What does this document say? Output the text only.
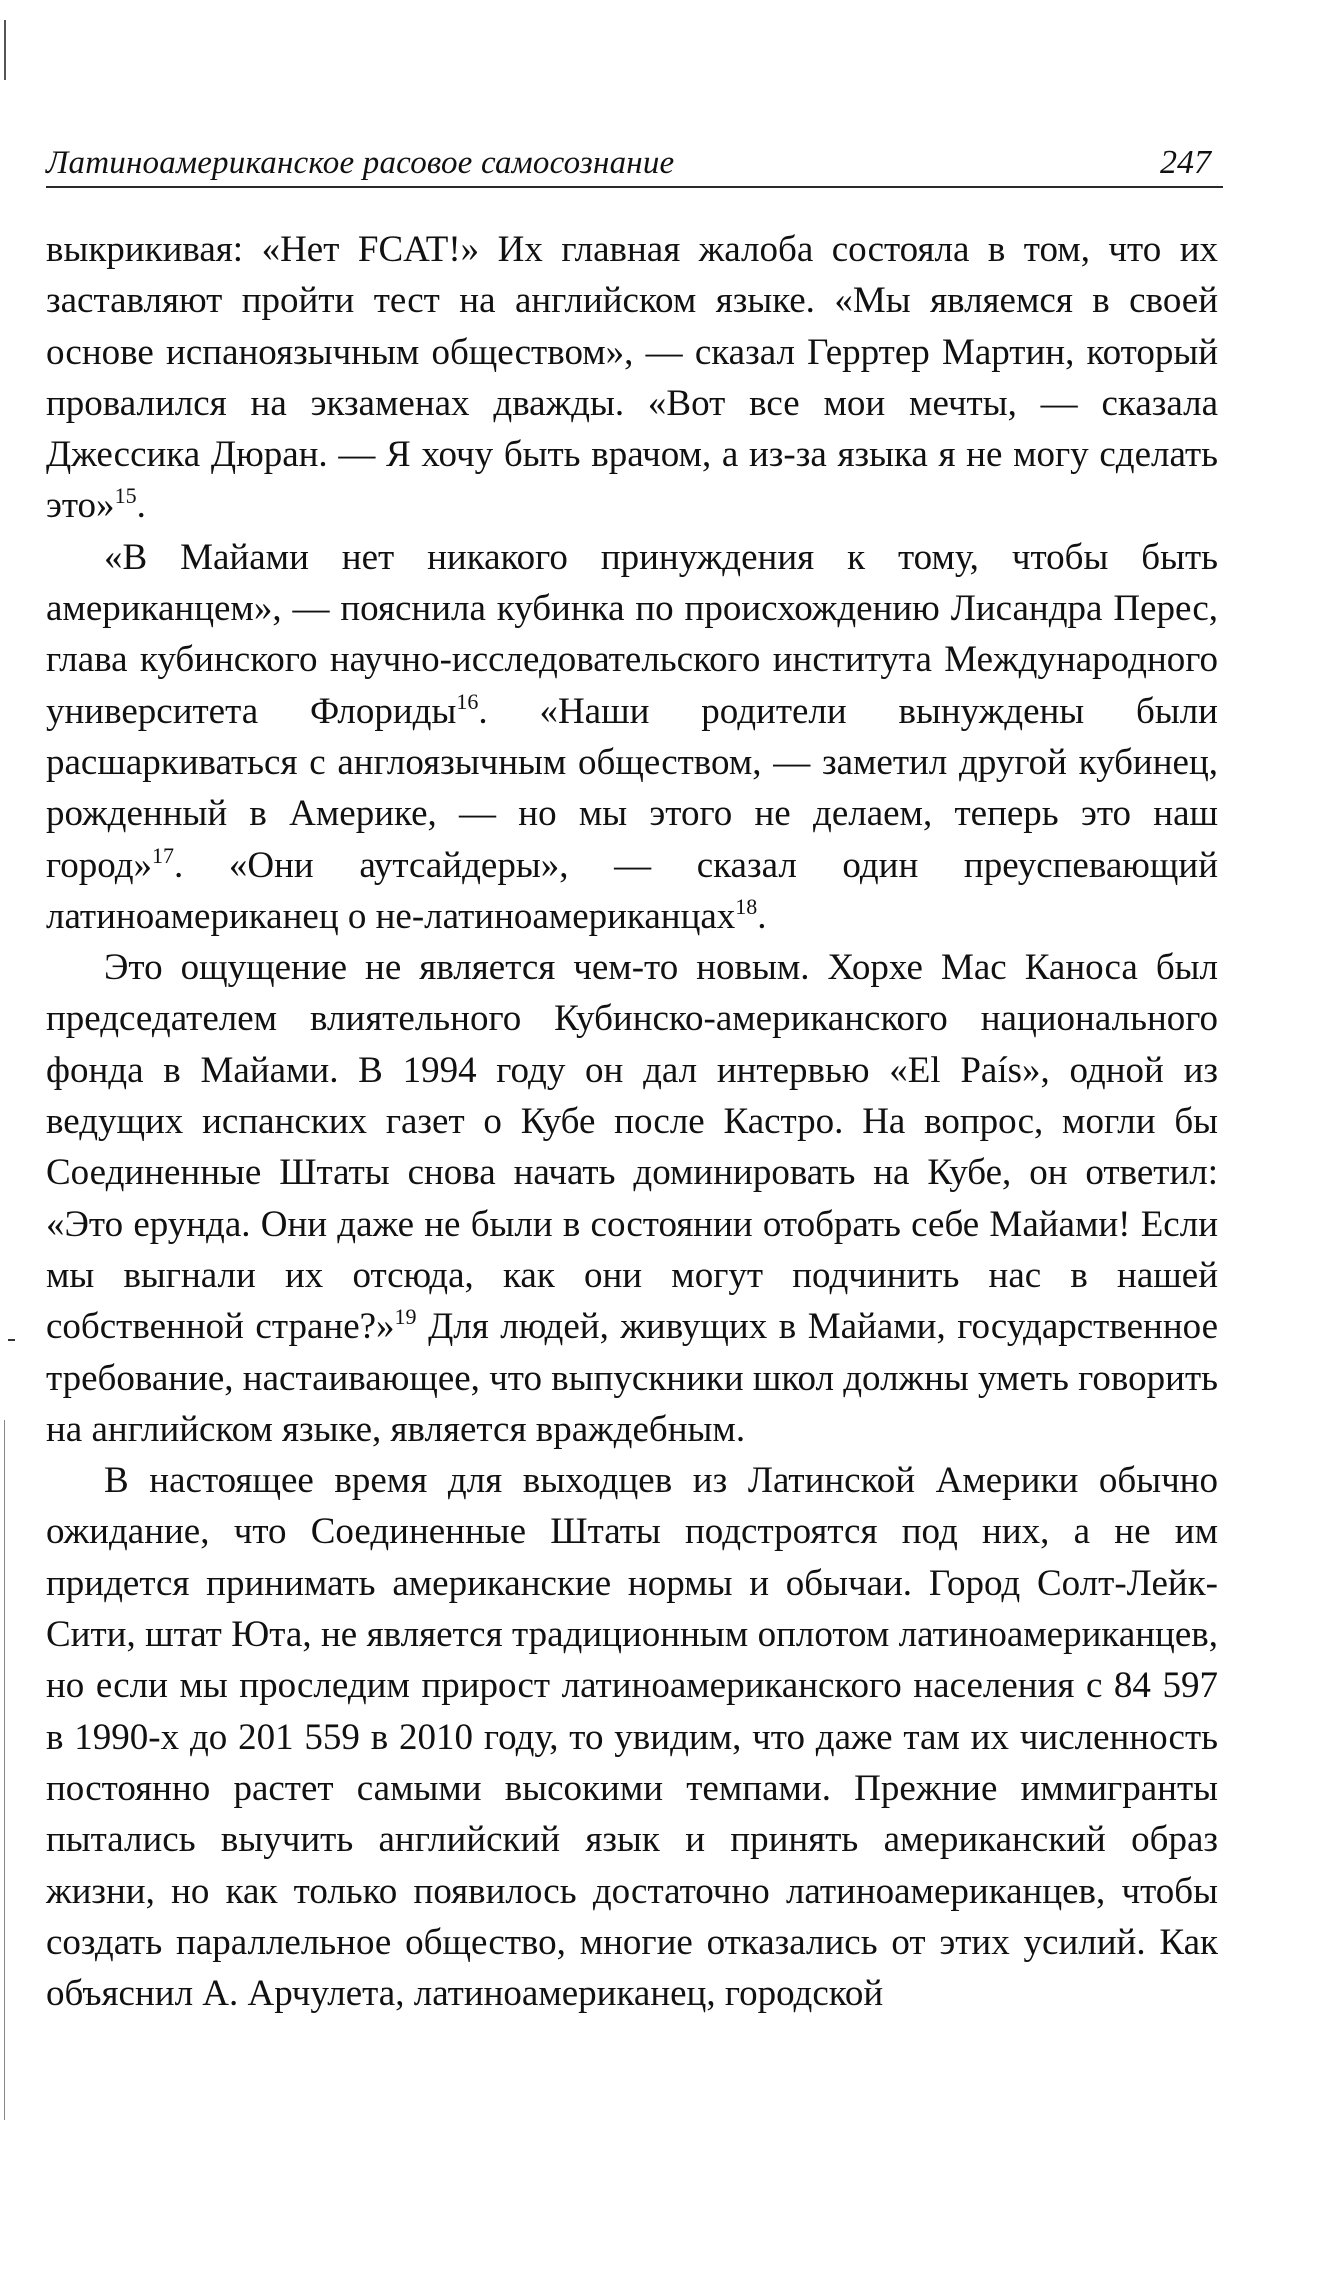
Латиноамериканское расовое самосознание	247

выкрикивая: «Нет FCAT!» Их главная жалоба состояла в том, что их заставляют пройти тест на английском языке. «Мы являемся в своей основе испаноязычным обществом», — сказал Герртер Мартин, который провалился на экзаменах дважды. «Вот все мои мечты, — сказала Джессика Дюран. — Я хочу быть врачом, а из-за языка я не могу сделать это»$^{15}$.

«В Майами нет никакого принуждения к тому, чтобы быть американцем», — пояснила кубинка по происхождению Лисандра Перес, глава кубинского научно-исследовательского института Международного университета Флориды$^{16}$. «Наши родители вынуждены были расшаркиваться с англоязычным обществом, — заметил другой кубинец, рожденный в Америке, — но мы этого не делаем, теперь это наш город»$^{17}$. «Они аутсайдеры», — сказал один преуспевающий латиноамериканец о не-латиноамериканцах$^{18}$.

Это ощущение не является чем-то новым. Хорхе Мас Каноса был председателем влиятельного Кубинско-американского национального фонда в Майами. В 1994 году он дал интервью «El País», одной из ведущих испанских газет о Кубе после Кастро. На вопрос, могли бы Соединенные Штаты снова начать доминировать на Кубе, он ответил: «Это ерунда. Они даже не были в состоянии отобрать себе Майами! Если мы выгнали их отсюда, как они могут подчинить нас в нашей собственной стране?»$^{19}$ Для людей, живущих в Майами, государственное требование, настаивающее, что выпускники школ должны уметь говорить на английском языке, является враждебным.

В настоящее время для выходцев из Латинской Америки обычно ожидание, что Соединенные Штаты подстроятся под них, а не им придется принимать американские нормы и обычаи. Город Солт-Лейк-Сити, штат Юта, не является традиционным оплотом латиноамериканцев, но если мы проследим прирост латиноамериканского населения с 84 597 в 1990-х до 201 559 в 2010 году, то увидим, что даже там их численность постоянно растет самыми высокими темпами. Прежние иммигранты пытались выучить английский язык и принять американский образ жизни, но как только появилось достаточно латиноамериканцев, чтобы создать параллельное общество, многие отказались от этих усилий. Как объяснил А. Арчулета, латиноамериканец, городской
